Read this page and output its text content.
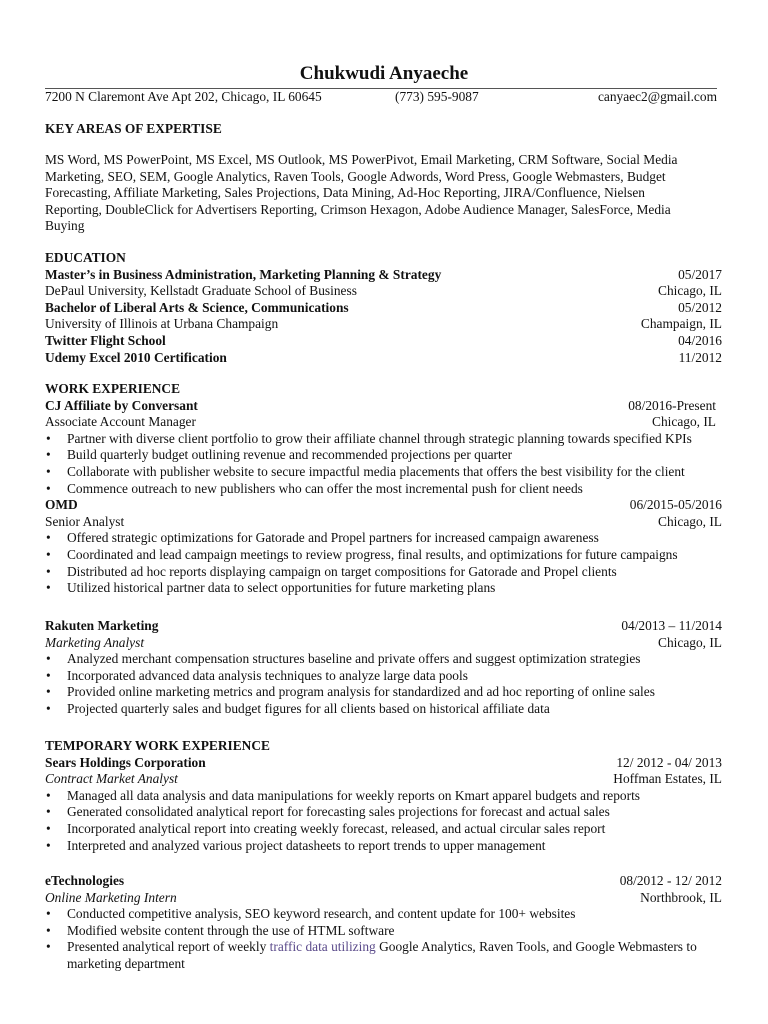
Chukwudi Anyaeche
7200 N Claremont Ave Apt 202, Chicago, IL 60645	(773) 595-9087	canyaec2@gmail.com
KEY AREAS OF EXPERTISE
MS Word, MS PowerPoint, MS Excel, MS Outlook, MS PowerPivot, Email Marketing, CRM Software, Social Media
Marketing, SEO, SEM, Google Analytics, Raven Tools, Google Adwords, Word Press, Google Webmasters, Budget
Forecasting, Affiliate Marketing, Sales Projections, Data Mining, Ad-Hoc Reporting, JIRA/Confluence, Nielsen
Reporting, DoubleClick for Advertisers Reporting, Crimson Hexagon, Adobe Audience Manager, SalesForce, Media
Buying
EDUCATION
Master’s in Business Administration, Marketing Planning & Strategy	05/2017
DePaul University, Kellstadt Graduate School of Business	Chicago, IL
Bachelor of Liberal Arts & Science, Communications	05/2012
University of Illinois at Urbana Champaign	Champaign, IL
Twitter Flight School	04/2016
Udemy Excel 2010 Certification	11/2012
WORK EXPERIENCE
CJ Affiliate by Conversant	08/2016-Present
Associate Account Manager	Chicago, IL
• Partner with diverse client portfolio to grow their affiliate channel through strategic planning towards specified KPIs
• Build quarterly budget outlining revenue and recommended projections per quarter
• Collaborate with publisher website to secure impactful media placements that offers the best visibility for the client
• Commence outreach to new publishers who can offer the most incremental push for client needs
OMD	06/2015-05/2016
Senior Analyst	Chicago, IL
• Offered strategic optimizations for Gatorade and Propel partners for increased campaign awareness
• Coordinated and lead campaign meetings to review progress, final results, and optimizations for future campaigns
• Distributed ad hoc reports displaying campaign on target compositions for Gatorade and Propel clients
• Utilized historical partner data to select opportunities for future marketing plans
Rakuten Marketing	04/2013 – 11/2014
Marketing Analyst	Chicago, IL
• Analyzed merchant compensation structures baseline and private offers and suggest optimization strategies
• Incorporated advanced data analysis techniques to analyze large data pools
• Provided online marketing metrics and program analysis for standardized and ad hoc reporting of online sales
• Projected quarterly sales and budget figures for all clients based on historical affiliate data
TEMPORARY WORK EXPERIENCE
Sears Holdings Corporation	12/ 2012 - 04/ 2013
Contract Market Analyst	Hoffman Estates, IL
• Managed all data analysis and data manipulations for weekly reports on Kmart apparel budgets and reports
• Generated consolidated analytical report for forecasting sales projections for forecast and actual sales
• Incorporated analytical report into creating weekly forecast, released, and actual circular sales report
• Interpreted and analyzed various project datasheets to report trends to upper management
eTechnologies	08/2012 - 12/ 2012
Online Marketing Intern	Northbrook, IL
• Conducted competitive analysis, SEO keyword research, and content update for 100+ websites
• Modified website content through the use of HTML software
• Presented analytical report of weekly traffic data utilizing Google Analytics, Raven Tools, and Google Webmasters to
marketing department
